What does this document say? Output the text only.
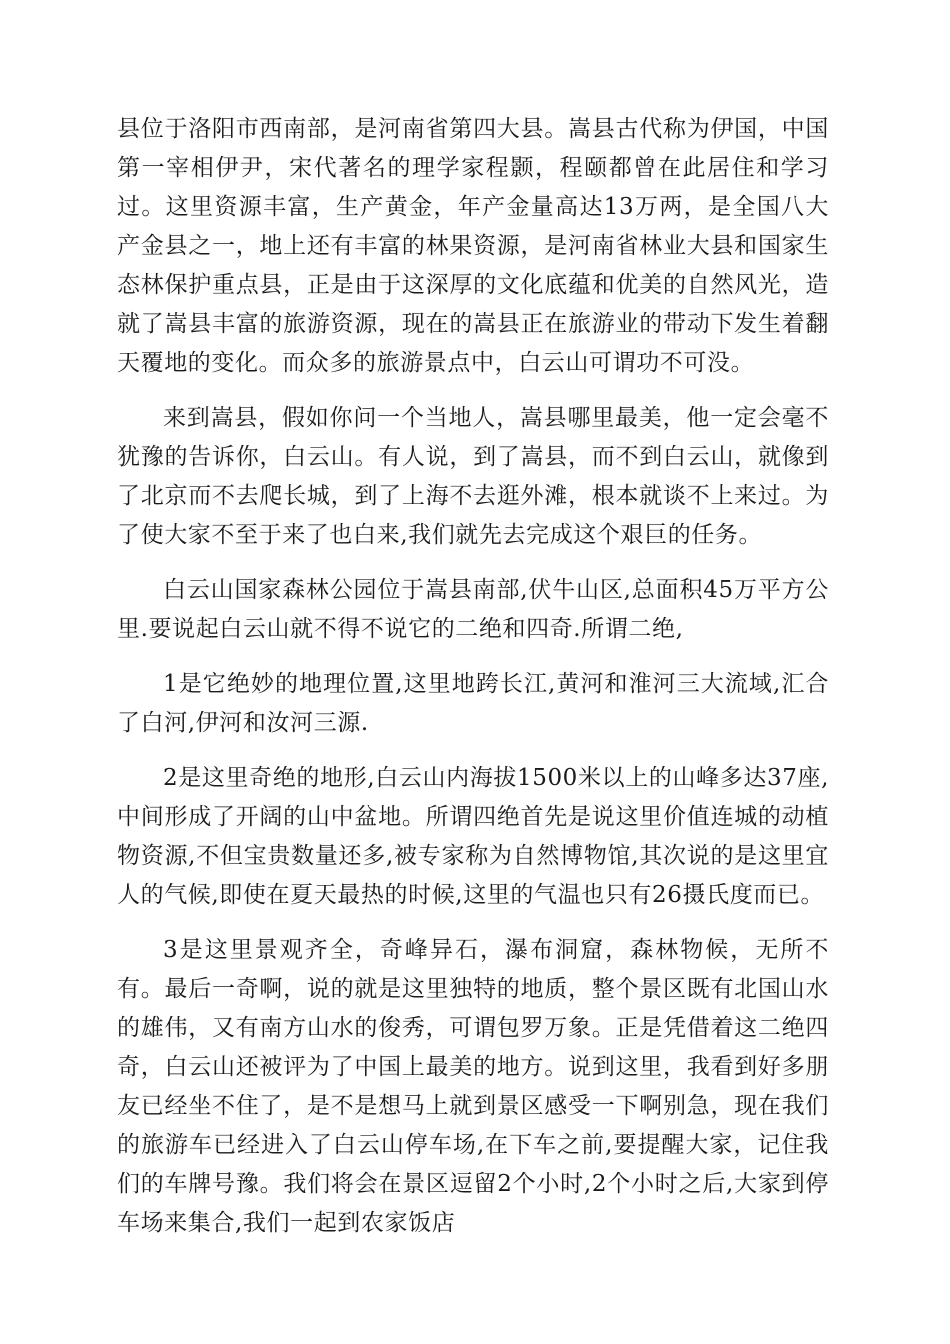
县位于洛阳市西南部，是河南省第四大县。嵩县古代称为伊国，中国第一宰相伊尹，宋代著名的理学家程颢，程颐都曾在此居住和学习过。这里资源丰富，生产黄金，年产金量高达13万两，是全国八大产金县之一，地上还有丰富的林果资源，是河南省林业大县和国家生态林保护重点县，正是由于这深厚的文化底蕴和优美的自然风光，造就了嵩县丰富的旅游资源，现在的嵩县正在旅游业的带动下发生着翻天覆地的变化。而众多的旅游景点中，白云山可谓功不可没。

来到嵩县，假如你问一个当地人，嵩县哪里最美，他一定会毫不犹豫的告诉你，白云山。有人说，到了嵩县，而不到白云山，就像到了北京而不去爬长城，到了上海不去逛外滩，根本就谈不上来过。为了使大家不至于来了也白来,我们就先去完成这个艰巨的任务。

白云山国家森林公园位于嵩县南部,伏牛山区,总面积45万平方公里.要说起白云山就不得不说它的二绝和四奇.所谓二绝,

1是它绝妙的地理位置,这里地跨长江,黄河和淮河三大流域,汇合了白河,伊河和汝河三源.

2是这里奇绝的地形,白云山内海拔1500米以上的山峰多达37座,中间形成了开阔的山中盆地。所谓四绝首先是说这里价值连城的动植物资源,不但宝贵数量还多,被专家称为自然博物馆,其次说的是这里宜人的气候,即使在夏天最热的时候,这里的气温也只有26摄氏度而已。

3是这里景观齐全，奇峰异石，瀑布洞窟，森林物候，无所不有。最后一奇啊，说的就是这里独特的地质，整个景区既有北国山水的雄伟，又有南方山水的俊秀，可谓包罗万象。正是凭借着这二绝四奇，白云山还被评为了中国上最美的地方。说到这里，我看到好多朋友已经坐不住了，是不是想马上就到景区感受一下啊别急，现在我们的旅游车已经进入了白云山停车场,在下车之前,要提醒大家，记住我们的车牌号豫。我们将会在景区逗留2个小时,2个小时之后,大家到停车场来集合,我们一起到农家饭店
